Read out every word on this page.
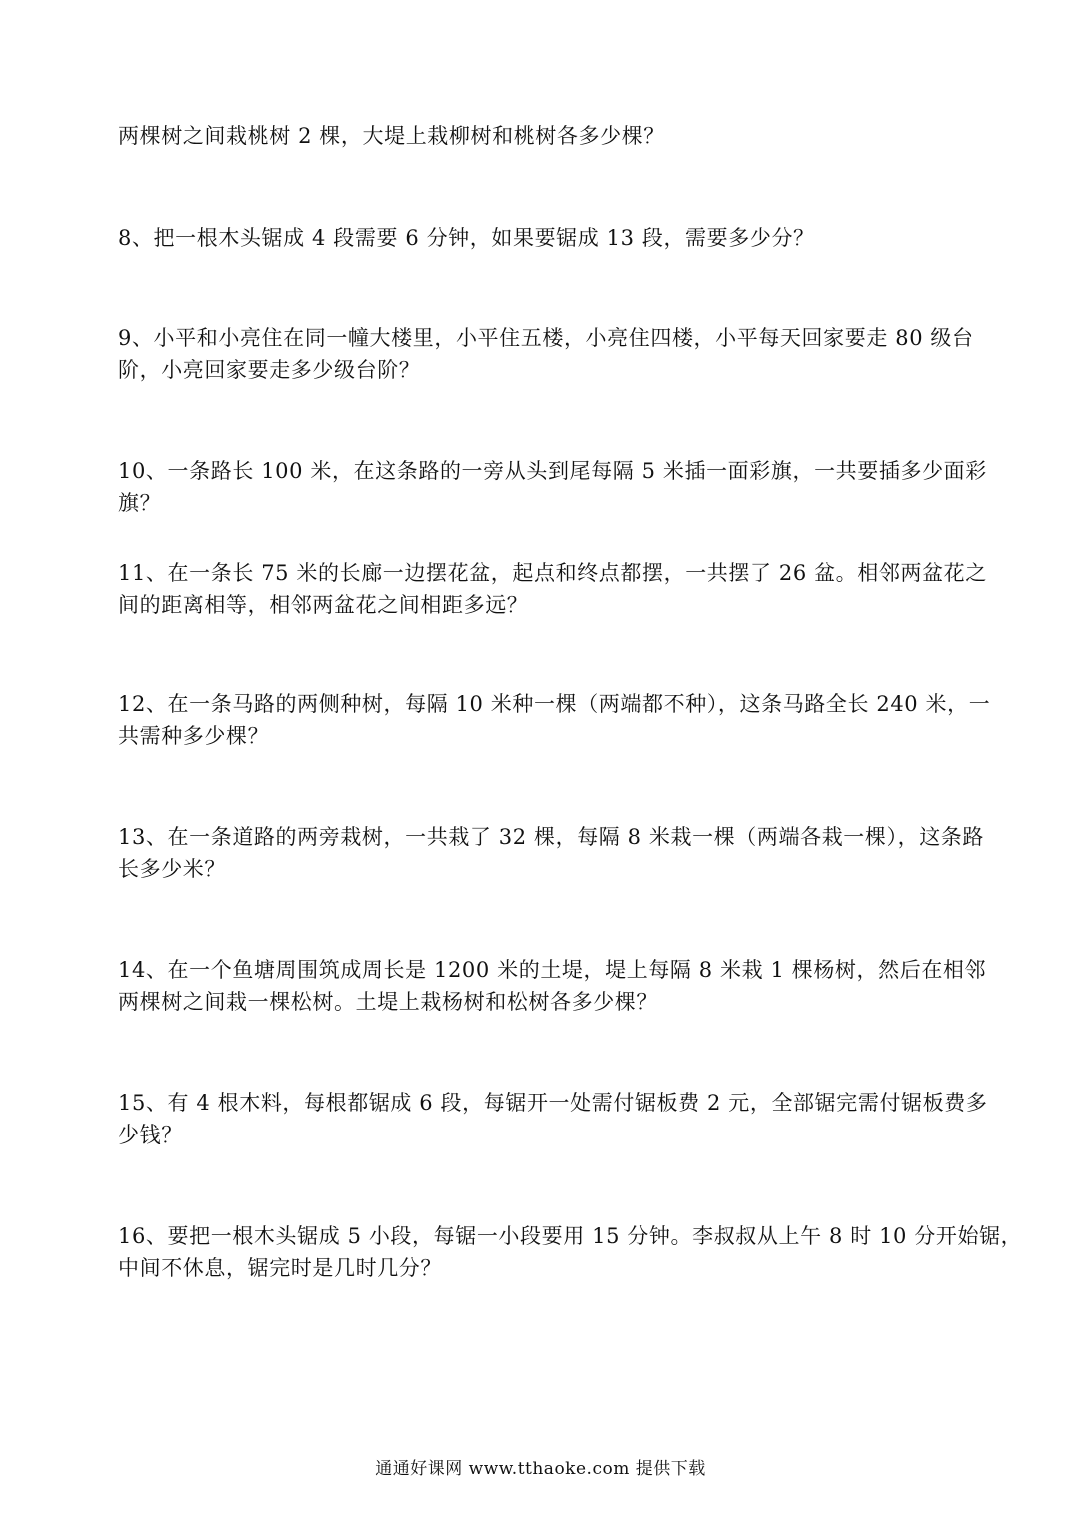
两棵树之间栽桃树 2 棵，大堤上栽柳树和桃树各多少棵？
8、把一根木头锯成 4 段需要 6 分钟，如果要锯成 13 段，需要多少分？
9、小平和小亮住在同一幢大楼里，小平住五楼，小亮住四楼，小平每天回家要走 80 级台
阶，小亮回家要走多少级台阶？
10、一条路长 100 米，在这条路的一旁从头到尾每隔 5 米插一面彩旗，一共要插多少面彩
旗？
11、在一条长 75 米的长廊一边摆花盆，起点和终点都摆，一共摆了 26 盆。相邻两盆花之
间的距离相等，相邻两盆花之间相距多远？
12、在一条马路的两侧种树，每隔 10 米种一棵（两端都不种），这条马路全长 240 米，一
共需种多少棵？
13、在一条道路的两旁栽树，一共栽了 32 棵，每隔 8 米栽一棵（两端各栽一棵），这条路
长多少米？
14、在一个鱼塘周围筑成周长是 1200 米的土堤，堤上每隔 8 米栽 1 棵杨树，然后在相邻
两棵树之间栽一棵松树。土堤上栽杨树和松树各多少棵？
15、有 4 根木料，每根都锯成 6 段，每锯开一处需付锯板费 2 元，全部锯完需付锯板费多
少钱？
16、要把一根木头锯成 5 小段，每锯一小段要用 15 分钟。李叔叔从上午 8 时 10 分开始锯，
中间不休息，锯完时是几时几分？
通通好课网 www.tthaoke.com 提供下载
